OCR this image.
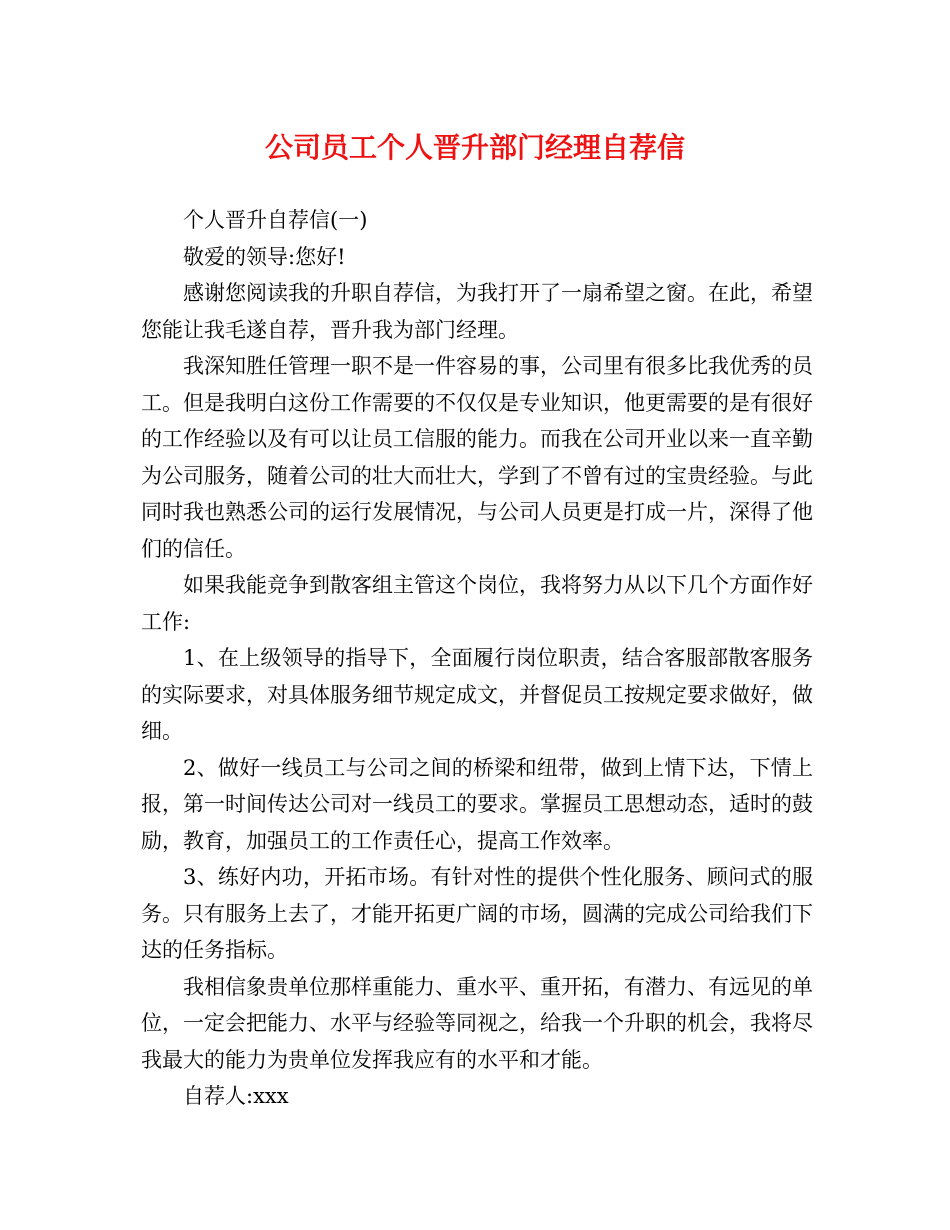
公司员工个人晋升部门经理自荐信

个人晋升自荐信(一)

敬爱的领导:您好!

感谢您阅读我的升职自荐信，为我打开了一扇希望之窗。在此，希望您能让我毛遂自荐，晋升我为部门经理。

我深知胜任管理一职不是一件容易的事，公司里有很多比我优秀的员工。但是我明白这份工作需要的不仅仅是专业知识，他更需要的是有很好的工作经验以及有可以让员工信服的能力。而我在公司开业以来一直辛勤为公司服务，随着公司的壮大而壮大，学到了不曾有过的宝贵经验。与此同时我也熟悉公司的运行发展情况，与公司人员更是打成一片，深得了他们的信任。

如果我能竞争到散客组主管这个岗位，我将努力从以下几个方面作好工作:

1、在上级领导的指导下，全面履行岗位职责，结合客服部散客服务的实际要求，对具体服务细节规定成文，并督促员工按规定要求做好，做细。

2、做好一线员工与公司之间的桥梁和纽带，做到上情下达，下情上报，第一时间传达公司对一线员工的要求。掌握员工思想动态，适时的鼓励，教育，加强员工的工作责任心，提高工作效率。

3、练好内功，开拓市场。有针对性的提供个性化服务、顾问式的服务。只有服务上去了，才能开拓更广阔的市场，圆满的完成公司给我们下达的任务指标。

我相信象贵单位那样重能力、重水平、重开拓，有潜力、有远见的单位，一定会把能力、水平与经验等同视之，给我一个升职的机会，我将尽我最大的能力为贵单位发挥我应有的水平和才能。

自荐人:xxx
